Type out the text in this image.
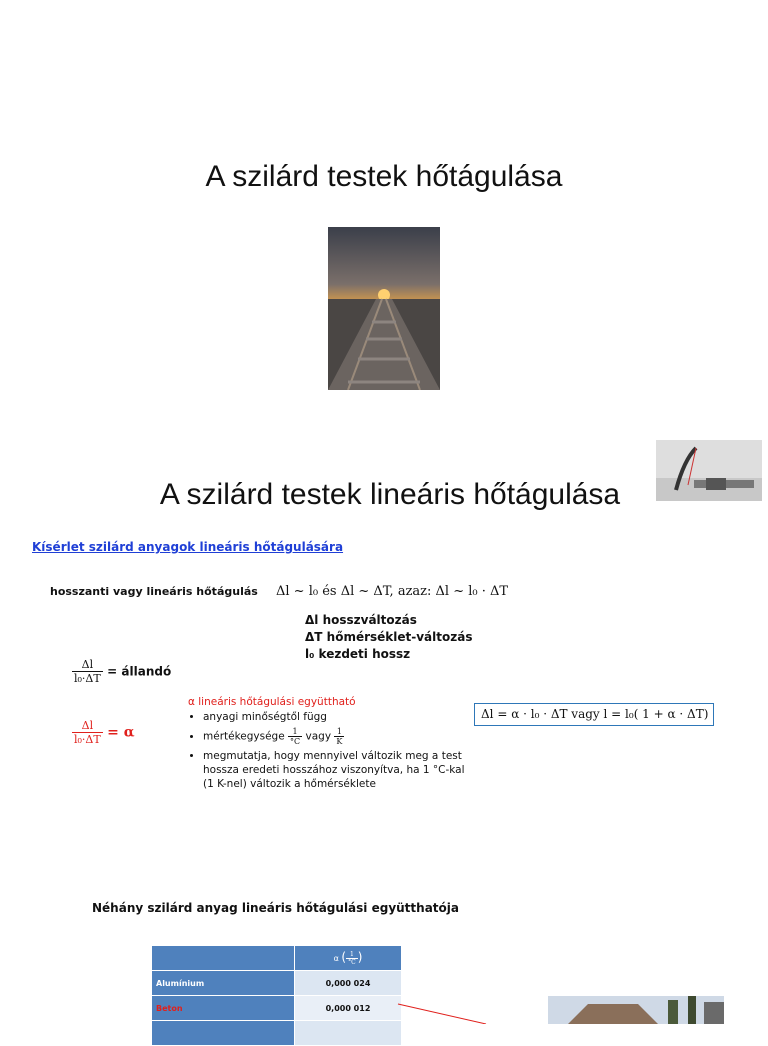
A szilárd testek hőtágulása
A szilárd testek lineáris hőtágulása
Kísérlet szilárd anyagok lineáris hőtágulására
hosszanti vagy lineáris hőtágulás Δl ~ l₀ és Δl ~ ΔT, azaz: Δl ~ l₀ · ΔT
Δl hosszváltozás
ΔT hőmérséklet-változás
l₀ kezdeti hossz
$\frac{\Delta l}{\text{l₀·ΔT}}$ = állandó
$\frac{\Delta l}{\text{l₀·ΔT}} = \alpha$
α lineáris hőtágulási együttható
• anyagi minőségtől függ
• mértékegysége $\frac{1}{^\circ C}$ vagy $\frac{1}{K}$
• megmutatja, hogy mennyivel változik meg a test hossza eredeti hosszához viszonyítva, ha 1 °C-kal (1 K-nel) változik a hőmérséklete
Δl = α · l₀ · ΔT vagy l = l₀( 1 + α · ΔT)
Néhány szilárd anyag lineáris hőtágulási együtthatója
	α ( $\frac{1}{^\circ C}$ )
Alumínium	0,000 024
Beton	0,000 012
